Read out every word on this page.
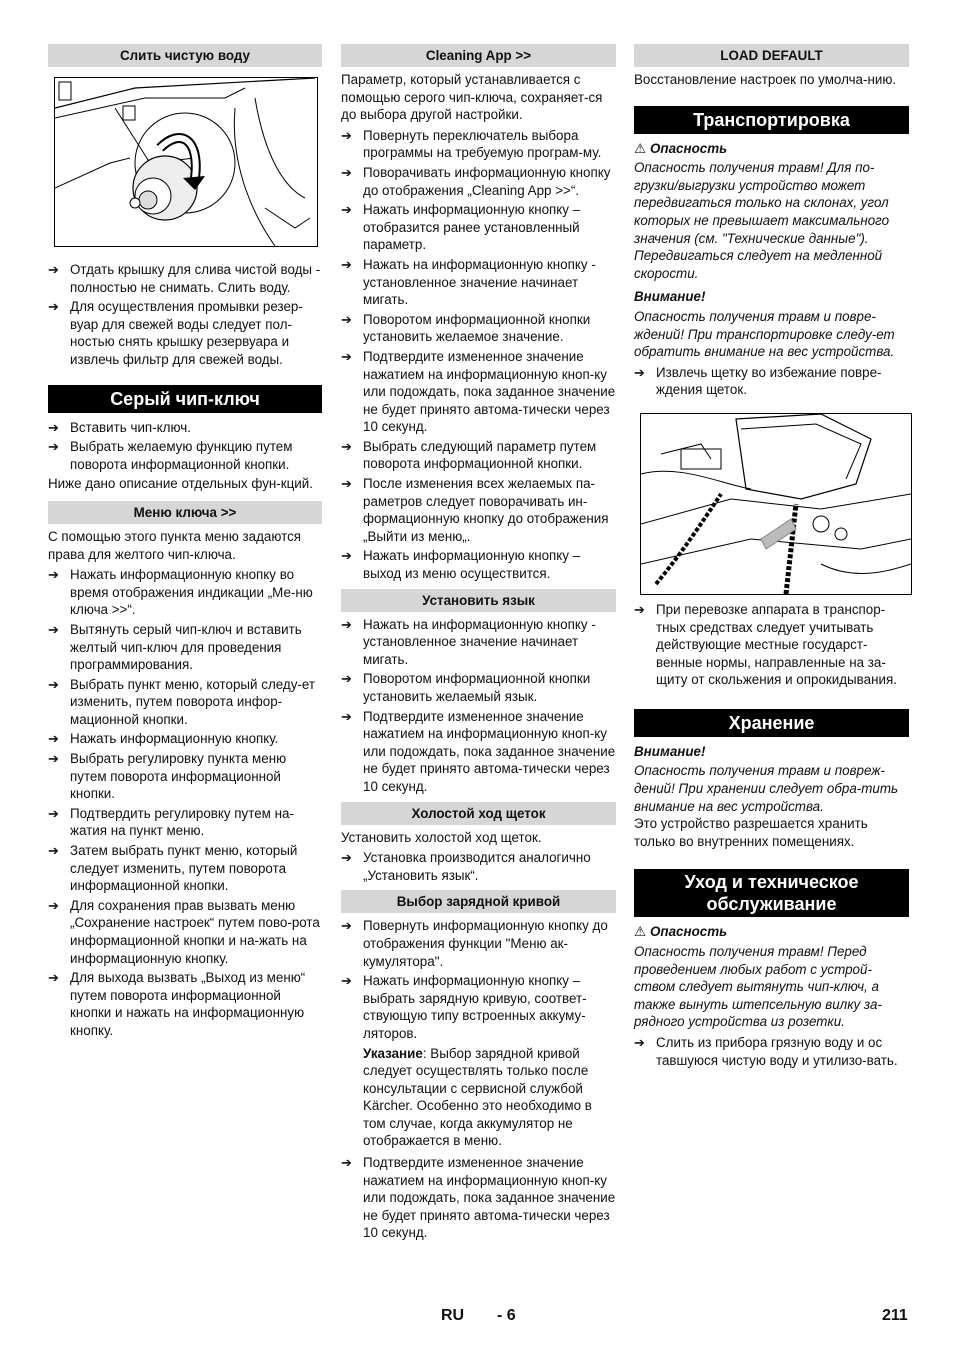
Слить чистую воду
➔ Отдать крышку для слива чистой воды - полностью не снимать. Слить воду.
➔ Для осуществления промывки резер-вуар для свежей воды следует пол-ностью снять крышку резервуара и извлечь фильтр для свежей воды.
Серый чип-ключ
➔ Вставить чип-ключ.
➔ Выбрать желаемую функцию путем поворота информационной кнопки.

Ниже дано описание отдельных фун-кций.

Меню ключа >>

С помощью этого пункта меню задаются права для желтого чип-ключа.

➔ Нажать информационную кнопку во время отображения индикации „Ме-ню ключа >>“.
➔ Вытянуть серый чип-ключ и вставить желтый чип-ключ для проведения программирования.
➔ Выбрать пункт меню, который следу-ет изменить, путем поворота инфор-мационной кнопки.
➔ Нажать информационную кнопку.
➔ Выбрать регулировку пункта меню путем поворота информационной кнопки.
➔ Подтвердить регулировку путем на-жатия на пункт меню.
➔ Затем выбрать пункт меню, который следует изменить, путем поворота информационной кнопки.
➔ Для сохранения прав вызвать меню „Сохранение настроек“ путем пово-рота информационной кнопки и на-жать на информационную кнопку.
➔ Для выхода вызвать „Выход из меню“ путем поворота информационной кнопки и нажать на информационную кнопку.
Cleaning App >>

Параметр, который устанавливается с помощью серого чип-ключа, сохраняет-ся до выбора другой настройки.

➔ Повернуть переключатель выбора программы на требуемую програм-му.
➔ Поворачивать информационную кнопку до отображения „Cleaning App >>“.
➔ Нажать информационную кнопку – отобразится ранее установленный параметр.
➔ Нажать на информационную кнопку - установленное значение начинает мигать.
➔ Поворотом информационной кнопки установить желаемое значение.
➔ Подтвердите измененное значение нажатием на информационную кноп-ку или подождать, пока заданное значение не будет принято автома-тически через 10 секунд.
➔ Выбрать следующий параметр путем поворота информационной кнопки.
➔ После изменения всех желаемых па-раметров следует поворачивать ин-формационную кнопку до отображения „Выйти из меню„.
➔ Нажать информационную кнопку – выход из меню осуществится.
Установить язык
➔ Нажать на информационную кнопку - установленное значение начинает мигать.
➔ Поворотом информационной кнопки установить желаемый язык.
➔ Подтвердите измененное значение нажатием на информационную кноп-ку или подождать, пока заданное значение не будет принято автома-тически через 10 секунд.
Холостой ход щеток

Установить холостой ход щеток.

➔ Установка производится аналогично „Установить язык“.
Выбор зарядной кривой
➔ Повернуть информационную кнопку до отображения функции "Меню ак-кумулятора".
➔ Нажать информационную кнопку – выбрать зарядную кривую, соответ-ствующую типу встроенных аккуму-ляторов.

Указание: Выбор зарядной кривой следует осуществлять только после консультации с сервисной службой Kärcher. Особенно это необходимо в том случае, когда аккумулятор не отображается в меню.

➔ Подтвердите измененное значение нажатием на информационную кноп-ку или подождать, пока заданное значение не будет принято автома-тически через 10 секунд.
LOAD DEFAULT

Восстановление настроек по умолча-нию.

Транспортировка
⚠ Опасность

Опасность получения травм! Для по-грузки/выгрузки устройство может передвигаться только на склонах, угол которых не превышает максимального значения (см. "Технические данные"). Передвигаться следует на медленной скорости.

Внимание!

Опасность получения травм и повре-ждений! При транспортировке следу-ет обратить внимание на вес устройства.

➔ Извлечь щетку во избежание повре-ждения щеток.
➔ При перевозке аппарата в транспор-тных средствах следует учитывать действующие местные государст-венные нормы, направленные на за-щиту от скольжения и опрокидывания.
Хранение
Внимание!

Опасность получения травм и повреж-дений! При хранении следует обра-тить внимание на вес устройства.

Это устройство разрешается хранить только во внутренних помещениях.

Уход и техническое обслуживание
⚠ Опасность

Опасность получения травм! Перед проведением любых работ с устрой-ством следует вытянуть чип-ключ, а также вынуть штепсельную вилку за-рядного устройства из розетки.

➔ Слить из прибора грязную воду и ос тавшуюся чистую воду и утилизо-вать.
RU - 6	211
